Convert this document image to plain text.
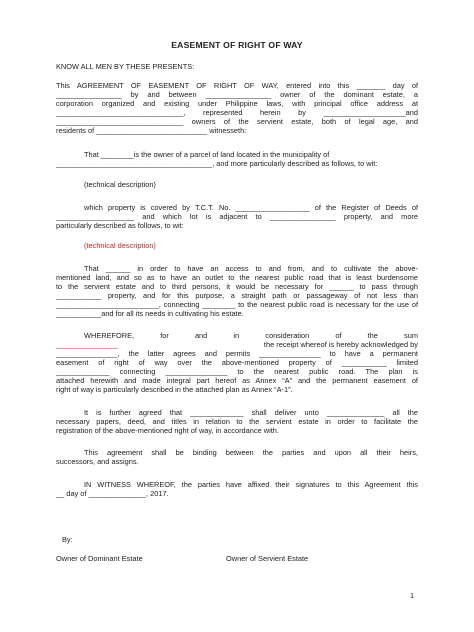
EASEMENT OF RIGHT OF WAY
KNOW ALL MEN BY THESE PRESENTS:
This AGREEMENT OF EASEMENT OF RIGHT OF WAY, entered into this _______ day of
________________ by and between ________________ owner of the dominant estate, a
corporation organized and existing under Philippine laws, with principal office address at
_______________________________, represented herein by ____________________and
_______________________________ owners of the servient estate, both of legal age, and
residents of ___________________________ witnesseth:
That ________is the owner of a parcel of land located in the municipality of
______________________________________, and more particularly described as follows, to wit:
(technical description)
which property is covered by T.C.T. No. __________________ of the Register of Deeds of
___________________ and which lot is adjacent to ________________ property, and more
particularly described as follows, to wit:
(technical description)
That ______ in order to have an access to and from, and to cultivate the above-
mentioned land, and so as to have an outlet to the nearest public road that is least burdensome
to the servient estate and to third persons, it would be necessary for ______ to pass through
___________ property, and for this purpose, a straight path or passageway of not less than
_________________________, connecting ________ to the nearest public road is necessary for the use of
___________and for all its needs in cultivating his estate.
WHEREFORE,	for	and	in	consideration	of	the	sum
_______________	the receipt whereof is hereby acknowledged by
_______________, the latter agrees and permits _______________ to have a permanent
easement of right of way over the above-mentioned property of ___________ limited
_____________ connecting _______________ to the nearest public road. The plan is
attached herewith and made integral part hereof as Annex “A” and the permanent easement of
right of way is particularly described in the attached plan as Annex “A-1”.
It is further agreed that _____________ shall deliver unto ______________ all the
necessary papers, deed, and titles in relation to the servient estate in order to facilitate the
registration of the above-mentioned right of way, in accordance with.
This agreement shall be binding between the parties and upon all their heirs,
successors, and assigns.
IN WITNESS WHEREOF, the parties have affixed their signatures to this Agreement this
__ day of ______________, 2017.
By:
Owner of Dominant Estate	Owner of Servient Estate
1
